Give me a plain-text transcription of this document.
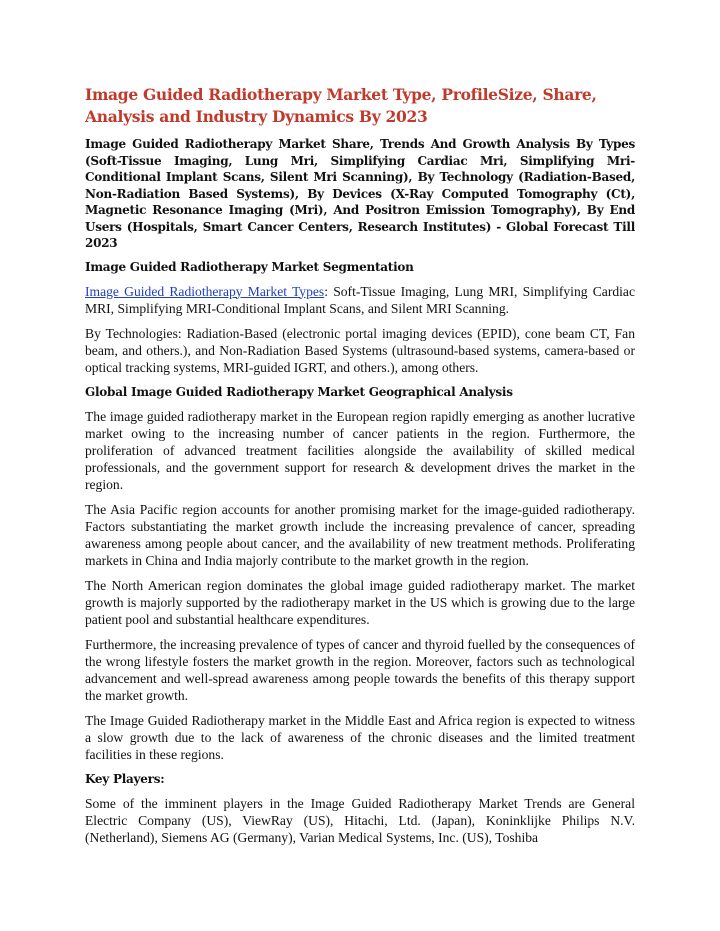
Image Guided Radiotherapy Market Type, ProfileSize, Share, Analysis and Industry Dynamics By 2023

Image Guided Radiotherapy Market Share, Trends And Growth Analysis By Types (Soft-Tissue Imaging, Lung Mri, Simplifying Cardiac Mri, Simplifying Mri-Conditional Implant Scans, Silent Mri Scanning), By Technology (Radiation-Based, Non-Radiation Based Systems), By Devices (X-Ray Computed Tomography (Ct), Magnetic Resonance Imaging (Mri), And Positron Emission Tomography), By End Users (Hospitals, Smart Cancer Centers, Research Institutes) - Global Forecast Till 2023

Image Guided Radiotherapy Market Segmentation

Image Guided Radiotherapy Market Types: Soft-Tissue Imaging, Lung MRI, Simplifying Cardiac MRI, Simplifying MRI-Conditional Implant Scans, and Silent MRI Scanning.

By Technologies: Radiation-Based (electronic portal imaging devices (EPID), cone beam CT, Fan beam, and others.), and Non-Radiation Based Systems (ultrasound-based systems, camera-based or optical tracking systems, MRI-guided IGRT, and others.), among others.

Global Image Guided Radiotherapy Market Geographical Analysis

The image guided radiotherapy market in the European region rapidly emerging as another lucrative market owing to the increasing number of cancer patients in the region. Furthermore, the proliferation of advanced treatment facilities alongside the availability of skilled medical professionals, and the government support for research & development drives the market in the region.

The Asia Pacific region accounts for another promising market for the image-guided radiotherapy. Factors substantiating the market growth include the increasing prevalence of cancer, spreading awareness among people about cancer, and the availability of new treatment methods. Proliferating markets in China and India majorly contribute to the market growth in the region.

The North American region dominates the global image guided radiotherapy market. The market growth is majorly supported by the radiotherapy market in the US which is growing due to the large patient pool and substantial healthcare expenditures.

Furthermore, the increasing prevalence of types of cancer and thyroid fuelled by the consequences of the wrong lifestyle fosters the market growth in the region. Moreover, factors such as technological advancement and well-spread awareness among people towards the benefits of this therapy support the market growth.

The Image Guided Radiotherapy market in the Middle East and Africa region is expected to witness a slow growth due to the lack of awareness of the chronic diseases and the limited treatment facilities in these regions.

Key Players:

Some of the imminent players in the Image Guided Radiotherapy Market Trends are General Electric Company (US), ViewRay (US), Hitachi, Ltd. (Japan), Koninklijke Philips N.V. (Netherland), Siemens AG (Germany), Varian Medical Systems, Inc. (US), Toshiba
